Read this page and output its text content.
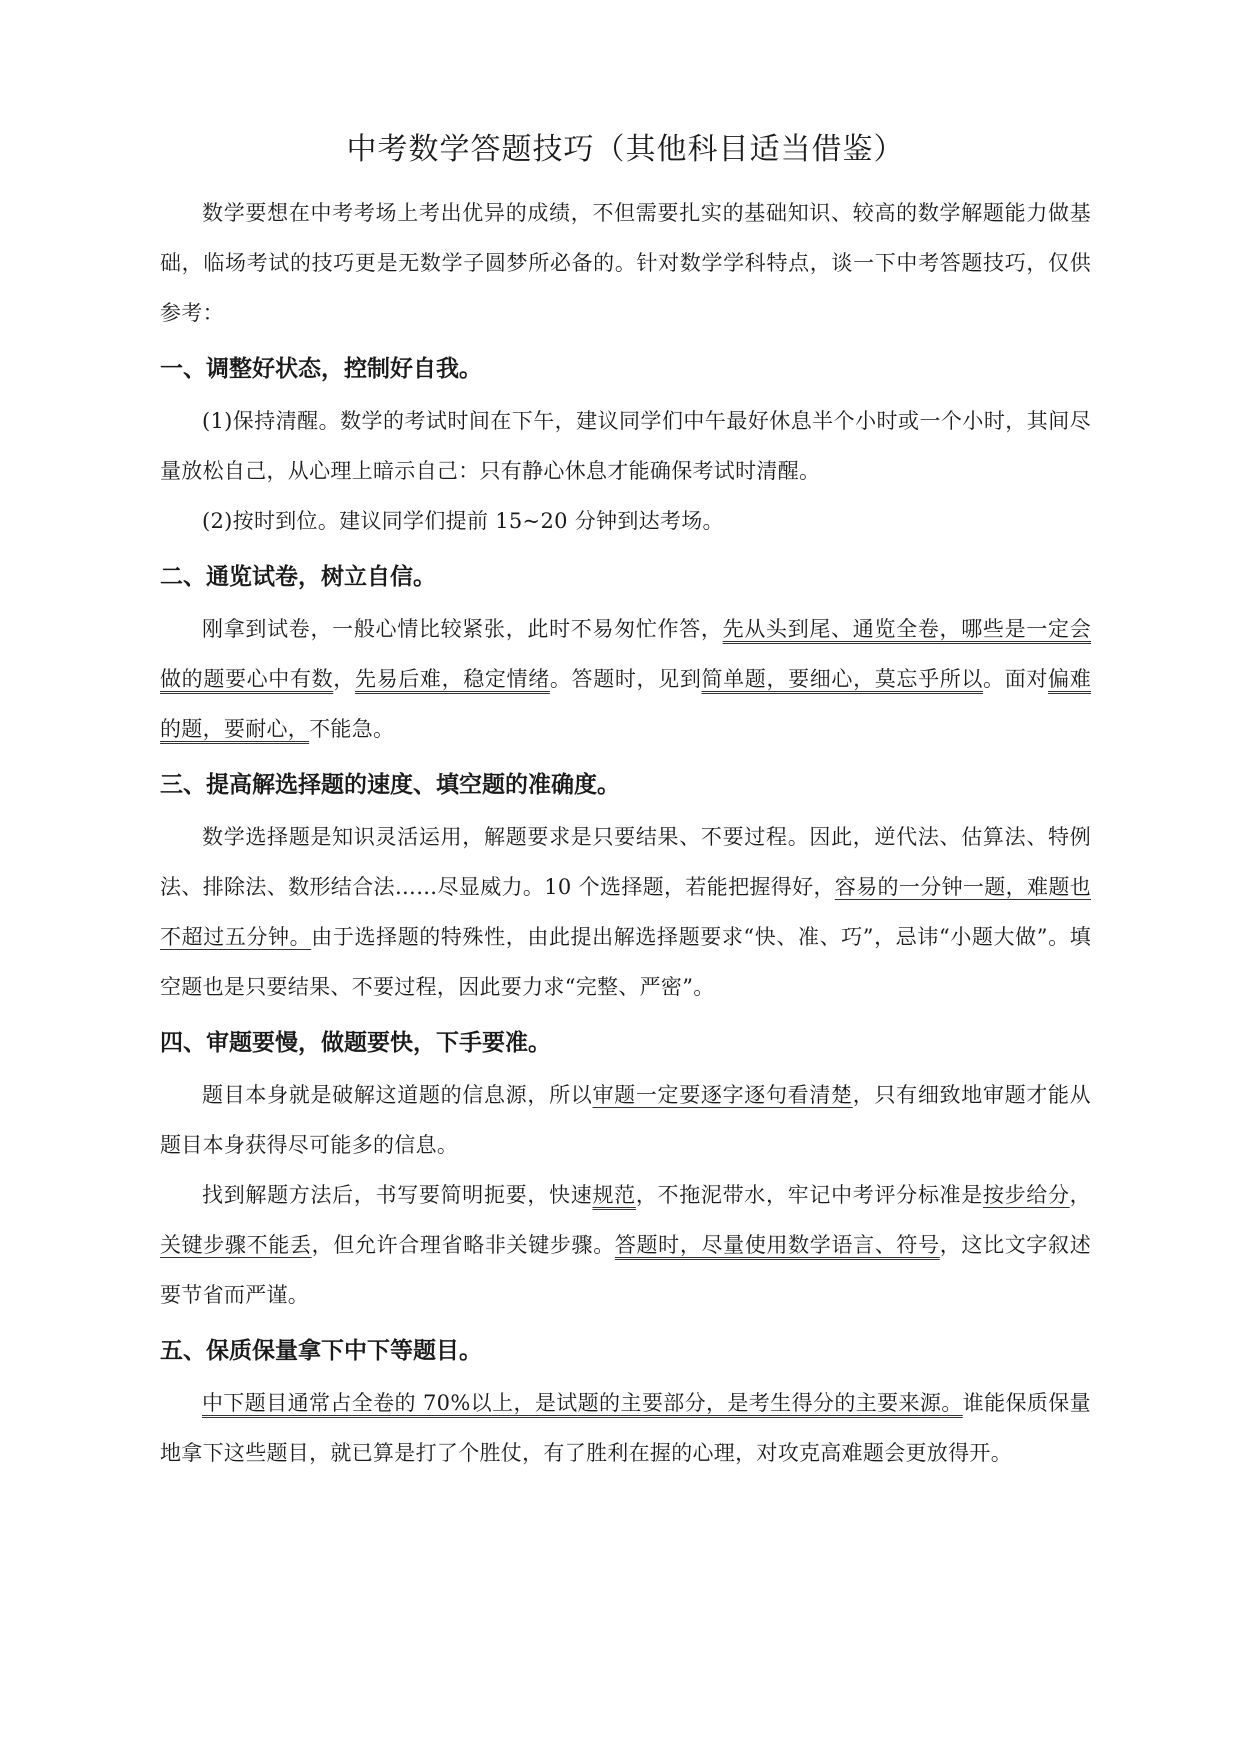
中考数学答题技巧（其他科目适当借鉴）

数学要想在中考考场上考出优异的成绩，不但需要扎实的基础知识、较高的数学解题能力做基础，临场考试的技巧更是无数学子圆梦所必备的。针对数学学科特点，谈一下中考答题技巧，仅供参考：

一、调整好状态，控制好自我。

(1)保持清醒。数学的考试时间在下午，建议同学们中午最好休息半个小时或一个小时，其间尽量放松自己，从心理上暗示自己：只有静心休息才能确保考试时清醒。

(2)按时到位。建议同学们提前 15~20 分钟到达考场。

二、通览试卷，树立自信。

刚拿到试卷，一般心情比较紧张，此时不易匆忙作答，先从头到尾、通览全卷，哪些是一定会做的题要心中有数，先易后难，稳定情绪。答题时，见到简单题，要细心，莫忘乎所以。面对偏难的题，要耐心，不能急。

三、提高解选择题的速度、填空题的准确度。

数学选择题是知识灵活运用，解题要求是只要结果、不要过程。因此，逆代法、估算法、特例法、排除法、数形结合法……尽显威力。10 个选择题，若能把握得好，容易的一分钟一题，难题也不超过五分钟。由于选择题的特殊性，由此提出解选择题要求“快、准、巧”，忌讳“小题大做”。填空题也是只要结果、不要过程，因此要力求“完整、严密”。

四、审题要慢，做题要快，下手要准。

题目本身就是破解这道题的信息源，所以审题一定要逐字逐句看清楚，只有细致地审题才能从题目本身获得尽可能多的信息。

找到解题方法后，书写要简明扼要，快速规范，不拖泥带水，牢记中考评分标准是按步给分，关键步骤不能丢，但允许合理省略非关键步骤。答题时，尽量使用数学语言、符号，这比文字叙述要节省而严谨。

五、保质保量拿下中下等题目。

中下题目通常占全卷的 70%以上，是试题的主要部分，是考生得分的主要来源。谁能保质保量地拿下这些题目，就已算是打了个胜仗，有了胜利在握的心理，对攻克高难题会更放得开。
